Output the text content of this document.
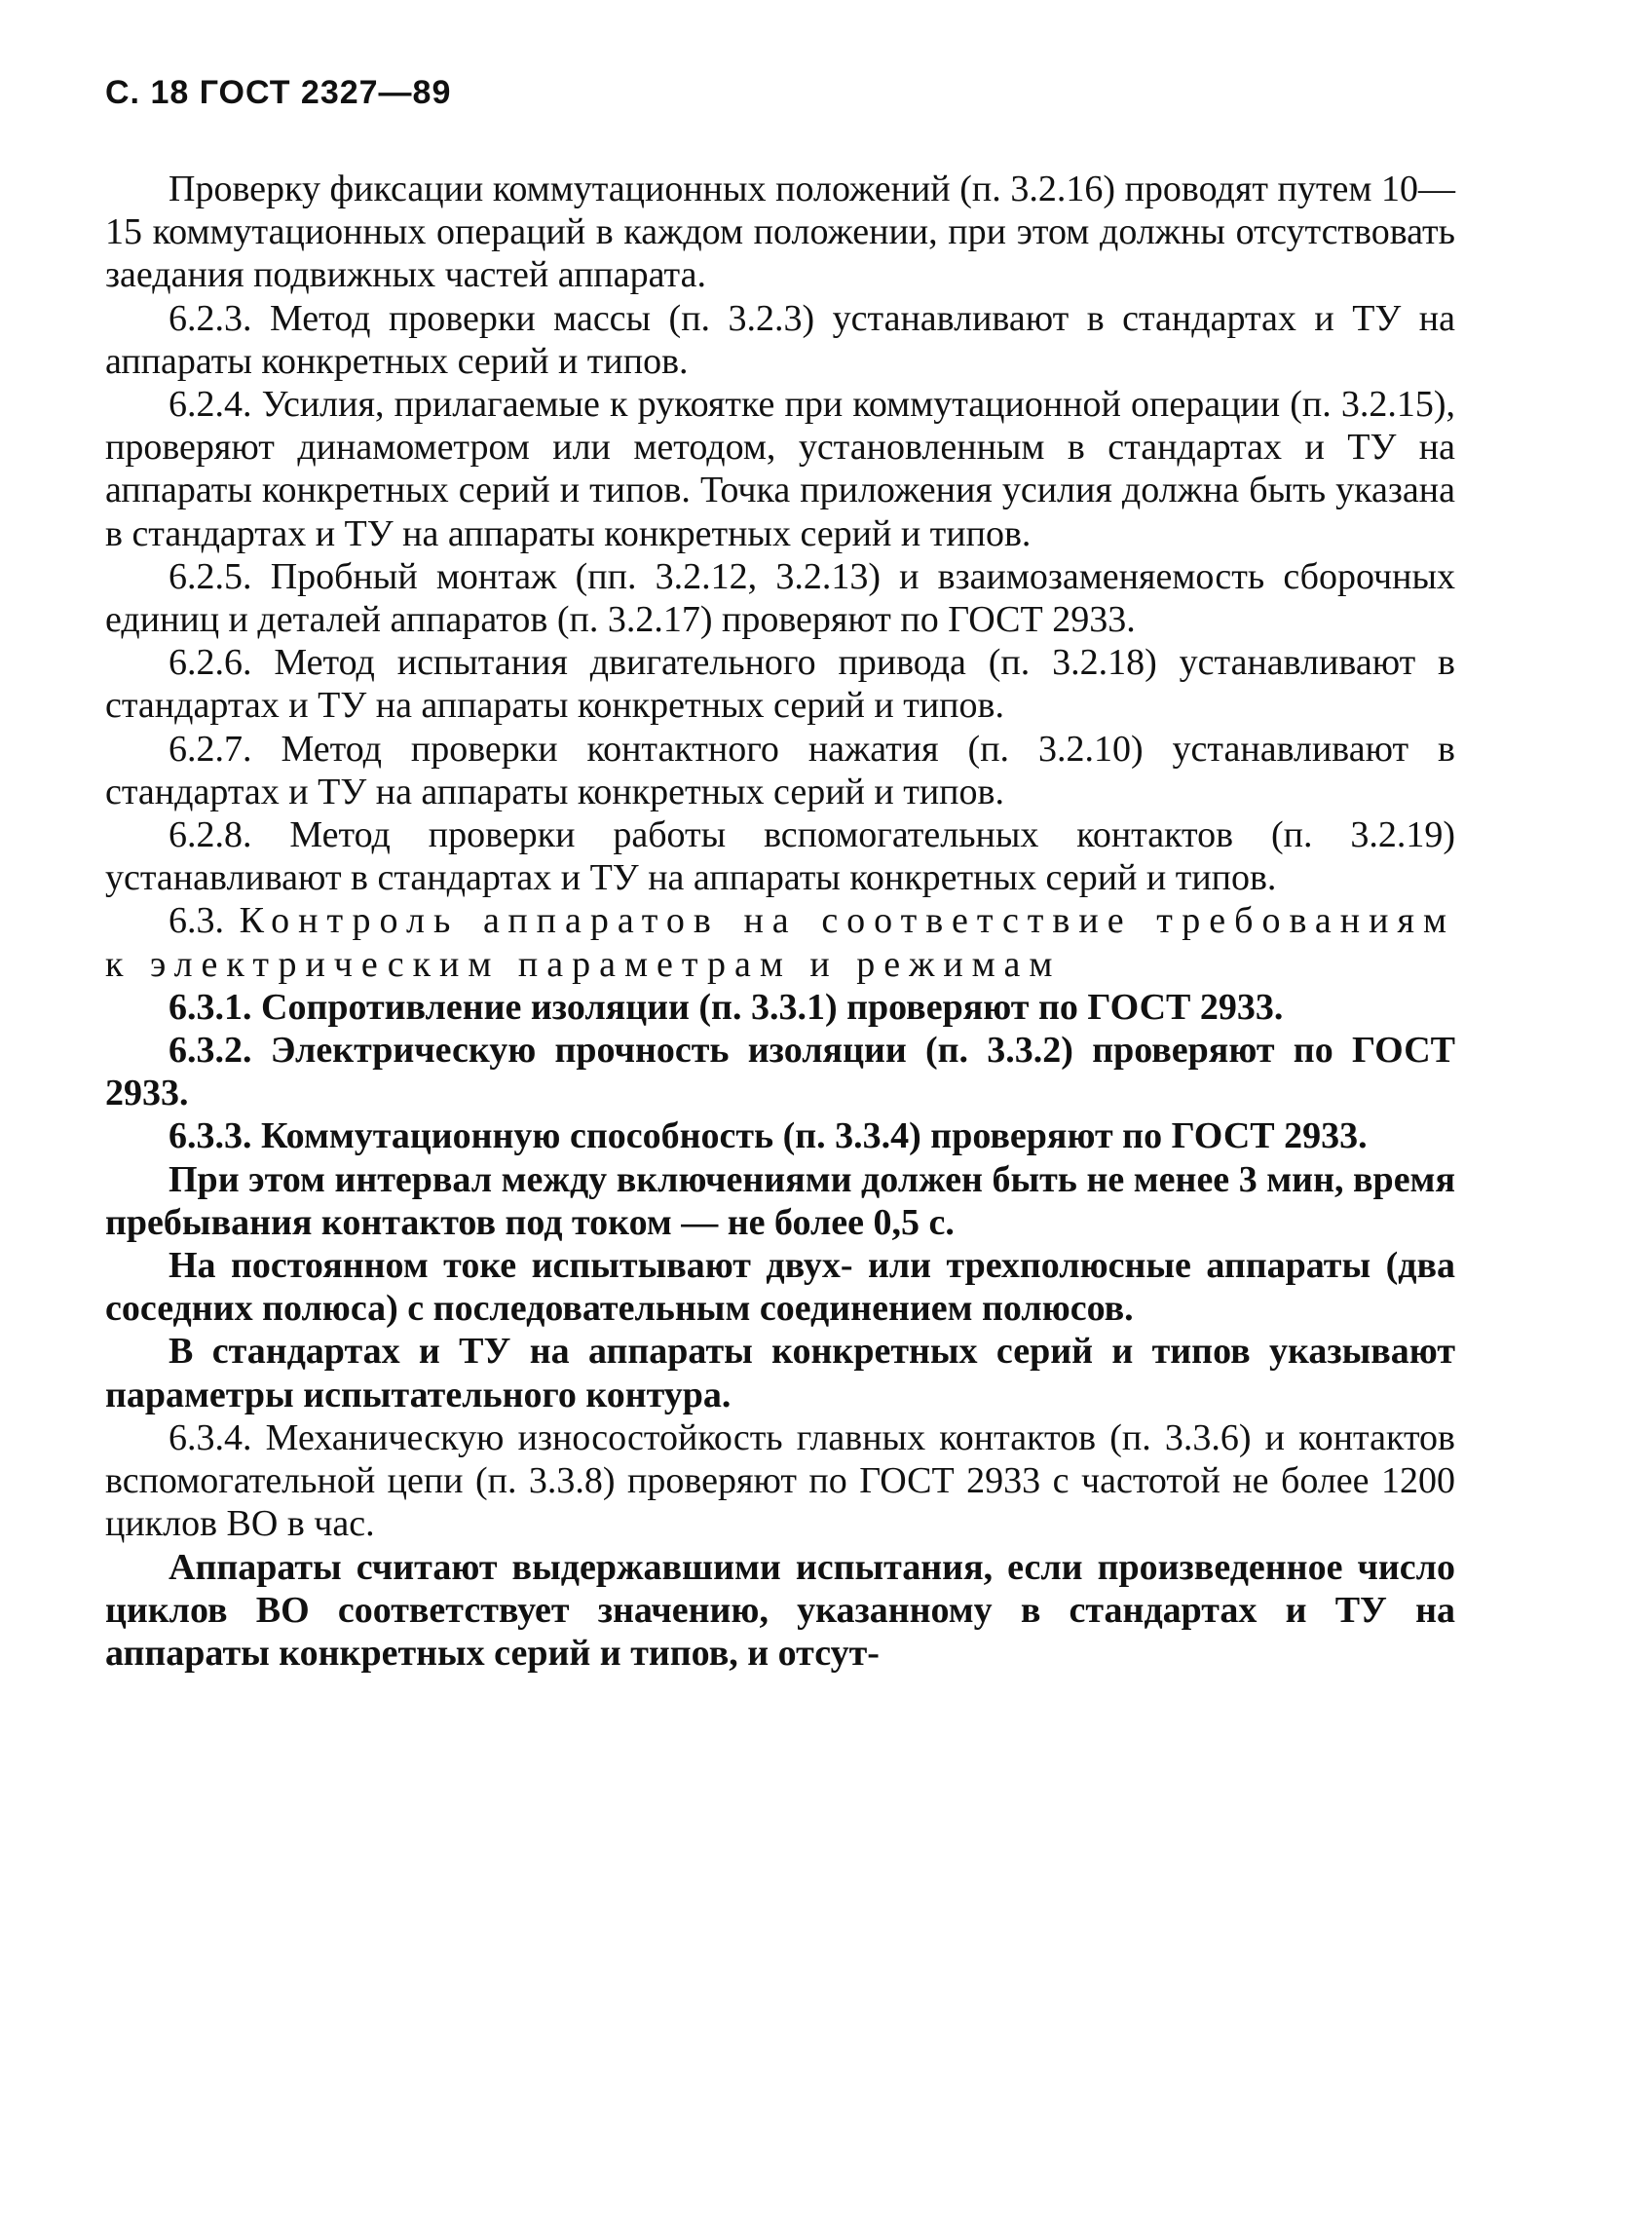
С. 18 ГОСТ 2327—89

Проверку фиксации коммутационных положений (п. 3.2.16) проводят путем 10—15 коммутационных операций в каждом положении, при этом должны отсутствовать заедания подвижных частей аппарата.

6.2.3. Метод проверки массы (п. 3.2.3) устанавливают в стандартах и ТУ на аппараты конкретных серий и типов.

6.2.4. Усилия, прилагаемые к рукоятке при коммутационной операции (п. 3.2.15), проверяют динамометром или методом, установленным в стандартах и ТУ на аппараты конкретных серий и типов. Точка приложения усилия должна быть указана в стандартах и ТУ на аппараты конкретных серий и типов.

6.2.5. Пробный монтаж (пп. 3.2.12, 3.2.13) и взаимозаменяемость сборочных единиц и деталей аппаратов (п. 3.2.17) проверяют по ГОСТ 2933.

6.2.6. Метод испытания двигательного привода (п. 3.2.18) устанавливают в стандартах и ТУ на аппараты конкретных серий и типов.

6.2.7. Метод проверки контактного нажатия (п. 3.2.10) устанавливают в стандартах и ТУ на аппараты конкретных серий и типов.

6.2.8. Метод проверки работы вспомогательных контактов (п. 3.2.19) устанавливают в стандартах и ТУ на аппараты конкретных серий и типов.

6.3. Контроль аппаратов на соответствие требованиям к электрическим параметрам и режимам

6.3.1. Сопротивление изоляции (п. 3.3.1) проверяют по ГОСТ 2933.

6.3.2. Электрическую прочность изоляции (п. 3.3.2) проверяют по ГОСТ 2933.

6.3.3. Коммутационную способность (п. 3.3.4) проверяют по ГОСТ 2933.

При этом интервал между включениями должен быть не менее 3 мин, время пребывания контактов под током — не более 0,5 с.

На постоянном токе испытывают двух- или трехполюсные аппараты (два соседних полюса) с последовательным соединением полюсов.

В стандартах и ТУ на аппараты конкретных серий и типов указывают параметры испытательного контура.

6.3.4. Механическую износостойкость главных контактов (п. 3.3.6) и контактов вспомогательной цепи (п. 3.3.8) проверяют по ГОСТ 2933 с частотой не более 1200 циклов ВО в час.

Аппараты считают выдержавшими испытания, если произведенное число циклов ВО соответствует значению, указанному в стандартах и ТУ на аппараты конкретных серий и типов, и отсут-
